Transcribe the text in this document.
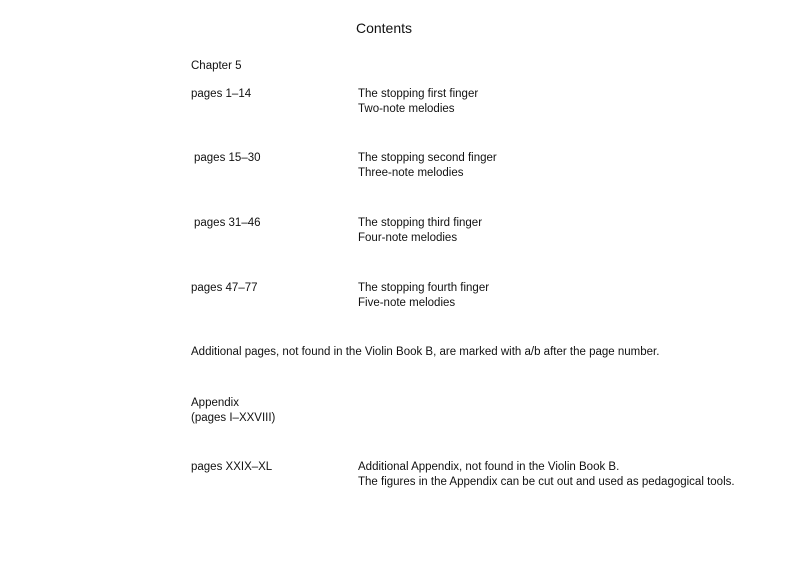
Contents
Chapter 5
pages 1–14	The stopping first finger
Two-note melodies
pages 15–30	The stopping second finger
Three-note melodies
pages 31–46	The stopping third finger
Four-note melodies
pages 47–77	The stopping fourth finger
Five-note melodies
Additional pages, not found in the Violin Book B, are marked with a/b after the page number.
Appendix
(pages I–XXVIII)
pages XXIX–XL	Additional Appendix, not found in the Violin Book B.
The figures in the Appendix can be cut out and used as pedagogical tools.
